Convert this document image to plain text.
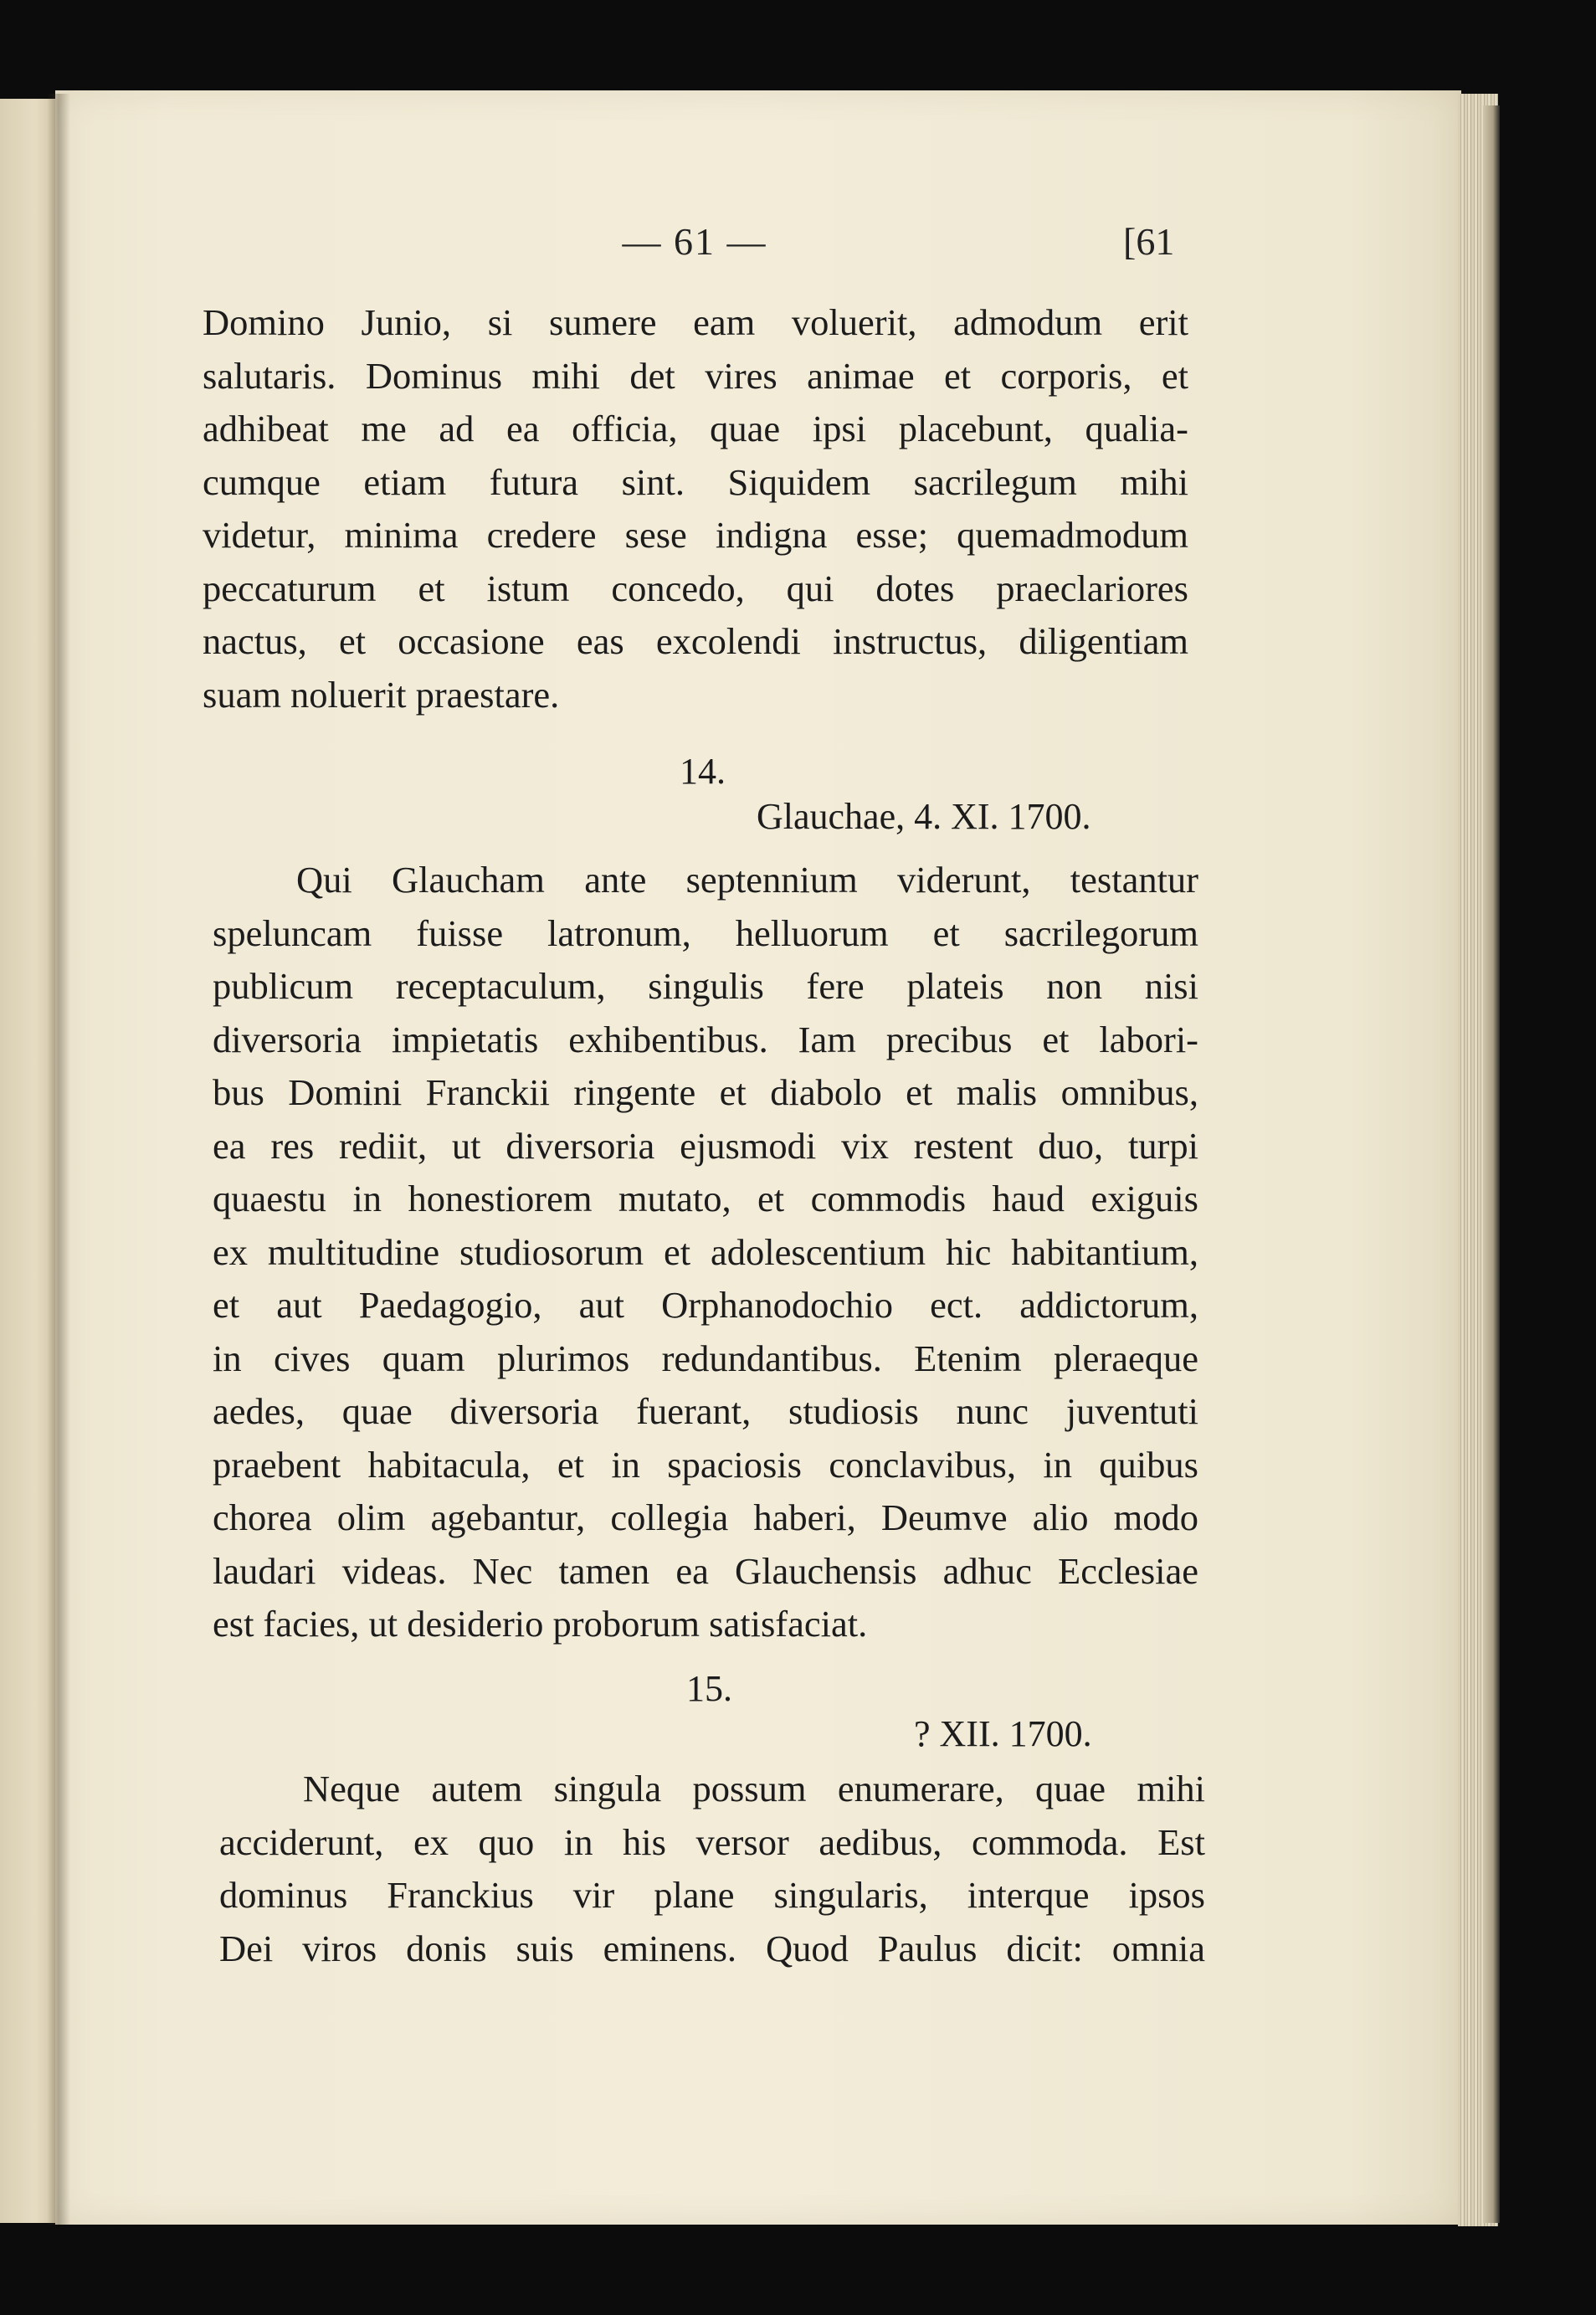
— 61 —	[61
Domino Junio, si sumere eam voluerit, admodum erit
salutaris. Dominus mihi det vires animae et corporis, et
adhibeat me ad ea officia, quae ipsi placebunt, qualia-
cumque etiam futura sint. Siquidem sacrilegum mihi
videtur, minima credere sese indigna esse; quemadmodum
peccaturum et istum concedo, qui dotes praeclariores
nactus, et occasione eas excolendi instructus, diligentiam
suam noluerit praestare.
14.
Glauchae, 4. XI. 1700.
Qui Glaucham ante septennium viderunt, testantur
speluncam fuisse latronum, helluorum et sacrilegorum
publicum receptaculum, singulis fere plateis non nisi
diversoria impietatis exhibentibus. Iam precibus et labori-
bus Domini Franckii ringente et diabolo et malis omnibus,
ea res rediit, ut diversoria ejusmodi vix restent duo, turpi
quaestu in honestiorem mutato, et commodis haud exiguis
ex multitudine studiosorum et adolescentium hic habitantium,
et aut Paedagogio, aut Orphanodochio ect. addictorum,
in cives quam plurimos redundantibus. Etenim pleraeque
aedes, quae diversoria fuerant, studiosis nunc juventuti
praebent habitacula, et in spaciosis conclavibus, in quibus
chorea olim agebantur, collegia haberi, Deumve alio modo
laudari videas. Nec tamen ea Glauchensis adhuc Ecclesiae
est facies, ut desiderio proborum satisfaciat.
15.
? XII. 1700.
Neque autem singula possum enumerare, quae mihi
acciderunt, ex quo in his versor aedibus, commoda. Est
dominus Franckius vir plane singularis, interque ipsos
Dei viros donis suis eminens. Quod Paulus dicit: omnia
